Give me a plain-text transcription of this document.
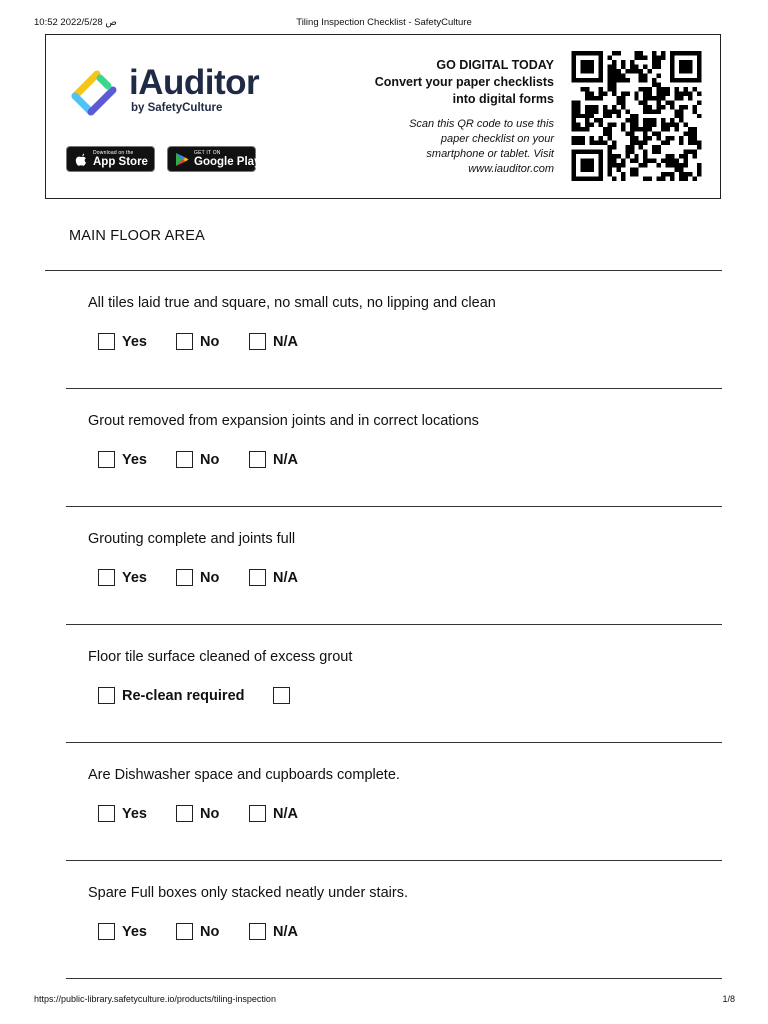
10:52 2022/5/28 ص	Tiling Inspection Checklist - SafetyCulture
iAuditor
by SafetyCulture
Download on the
App Store
GET IT ON
Google Play
GO DIGITAL TODAY
Convert your paper checklists into digital forms
Scan this QR code to use this paper checklist on your smartphone or tablet. Visit www.iauditor.com
MAIN FLOOR AREA
All tiles laid true and square, no small cuts, no lipping and clean
Yes	No	N/A
Grout removed from expansion joints and in correct locations
Yes	No	N/A
Grouting complete and joints full
Yes	No	N/A
Floor tile surface cleaned of excess grout
Re-clean required
Are Dishwasher space and cupboards complete.
Yes	No	N/A
Spare Full boxes only stacked neatly under stairs.
Yes	No	N/A
https://public-library.safetyculture.io/products/tiling-inspection	1/8
